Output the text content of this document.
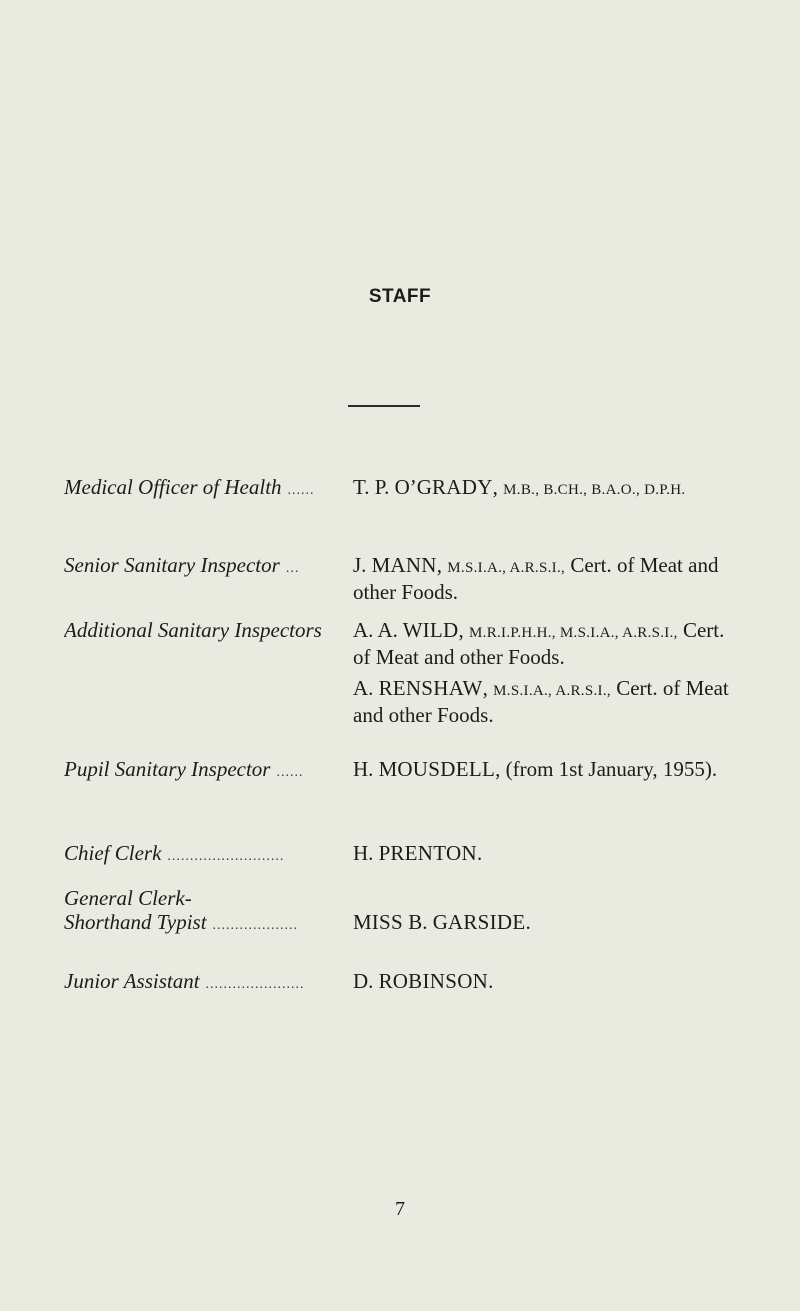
STAFF
Medical Officer of Health ......	T. P. O’GRADY, M.B., B.CH., B.A.O., D.P.H.

Senior Sanitary Inspector ...	J. MANN, M.S.I.A., A.R.S.I., Cert. of Meat and other Foods.

Additional Sanitary Inspectors A. A. WILD, M.R.I.P.H.H., M.S.I.A., A.R.S.I., Cert. of Meat and other Foods.

A. RENSHAW, M.S.I.A., A.R.S.I., Cert. of Meat and other Foods.

Pupil Sanitary Inspector ......	H. MOUSDELL, (from 1st January, 1955).

Chief Clerk ..........................	H. PRENTON.

General Clerk-
Shorthand Typist ...................	MISS B. GARSIDE.

Junior Assistant ......................	D. ROBINSON.

7
